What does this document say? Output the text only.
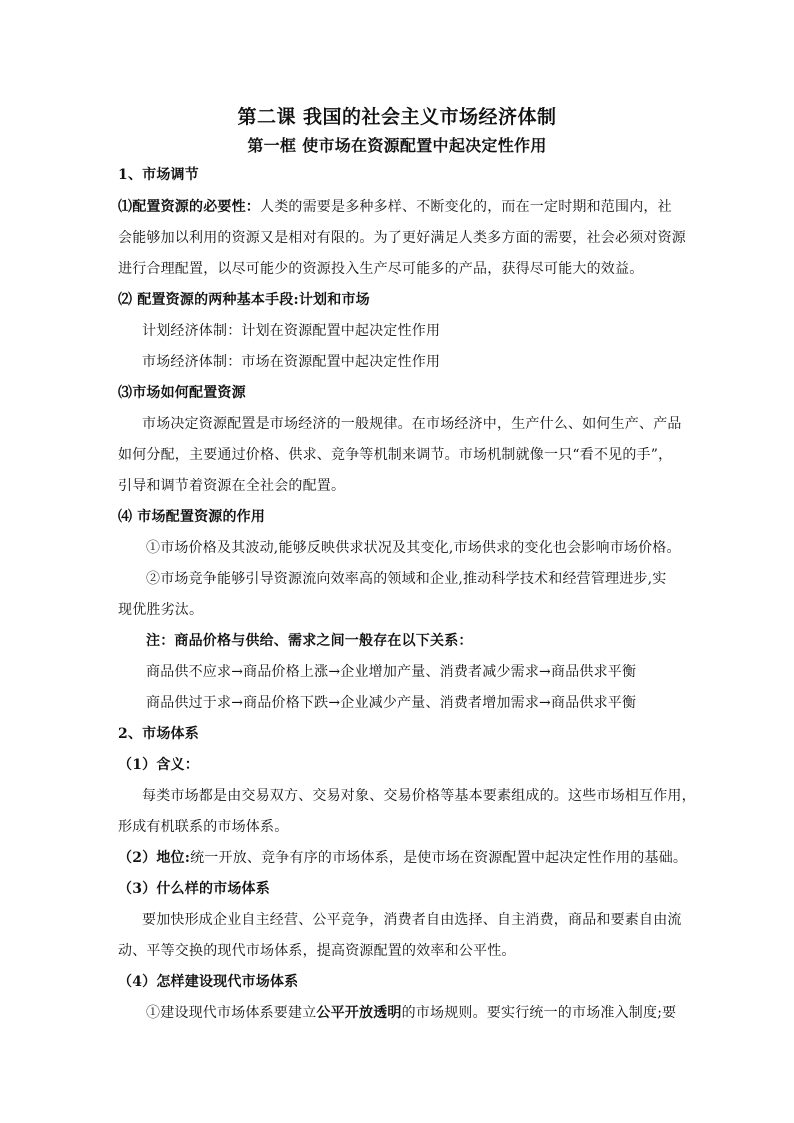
第二课 我国的社会主义市场经济体制
第一框 使市场在资源配置中起决定性作用
1、市场调节
⑴配置资源的必要性：人类的需要是多种多样、不断变化的，而在一定时期和范围内，社
会能够加以利用的资源又是相对有限的。为了更好满足人类多方面的需要，社会必须对资源
进行合理配置，以尽可能少的资源投入生产尽可能多的产品，获得尽可能大的效益。
⑵ 配置资源的两种基本手段:计划和市场
计划经济体制：计划在资源配置中起决定性作用
市场经济体制：市场在资源配置中起决定性作用
⑶市场如何配置资源
市场决定资源配置是市场经济的一般规律。在市场经济中，生产什么、如何生产、产品
如何分配，主要通过价格、供求、竞争等机制来调节。市场机制就像一只“看不见的手”，
引导和调节着资源在全社会的配置。
⑷ 市场配置资源的作用
①市场价格及其波动,能够反映供求状况及其变化,市场供求的变化也会影响市场价格。
②市场竞争能够引导资源流向效率高的领域和企业,推动科学技术和经营管理进步,实
现优胜劣汰。
注：商品价格与供给、需求之间一般存在以下关系：
商品供不应求→商品价格上涨→企业增加产量、消费者减少需求→商品供求平衡
商品供过于求→商品价格下跌→企业减少产量、消费者增加需求→商品供求平衡
2、市场体系
（1）含义：
每类市场都是由交易双方、交易对象、交易价格等基本要素组成的。这些市场相互作用，
形成有机联系的市场体系。
（2）地位:统一开放、竞争有序的市场体系，是使市场在资源配置中起决定性作用的基础。
（3）什么样的市场体系
要加快形成企业自主经营、公平竞争，消费者自由选择、自主消费，商品和要素自由流
动、平等交换的现代市场体系，提高资源配置的效率和公平性。
（4）怎样建设现代市场体系
①建设现代市场体系要建立公平开放透明的市场规则。要实行统一的市场准入制度;要
